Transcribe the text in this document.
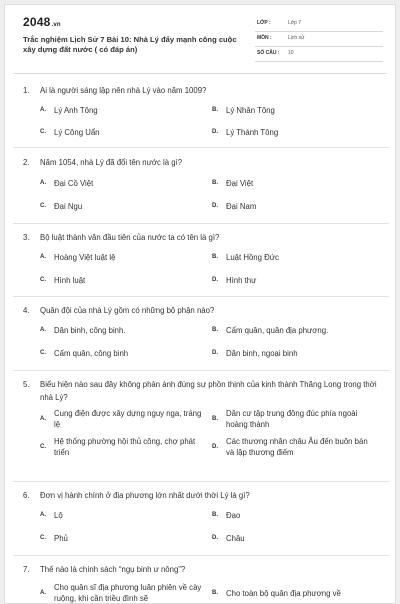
2048.vn
Trắc nghiệm Lịch Sử 7 Bài 10: Nhà Lý đẩy mạnh công cuộc xây dựng đất nước ( có đáp án)
LỚP :	Lớp 7
MÔN :	Lịch sử
SỐ CÂU : 10
1.	Ai là người sáng lập nên nhà Lý vào năm 1009?
A.	Lý Anh Tông	B.	Lý Nhân Tông
C.	Lý Công Uẩn	D.	Lý Thánh Tông
2.	Năm 1054, nhà Lý đã đổi tên nước là gì?
A.	Đại Cồ Việt	B.	Đại Việt
C.	Đại Ngu	D.	Đại Nam
3.	Bộ luật thành văn đầu tiên của nước ta có tên là gì?
A.	Hoàng Việt luật lệ	B.	Luật Hồng Đức
C.	Hình luật	D.	Hình thư
4.	Quân đội của nhà Lý gồm có những bộ phận nào?
A.	Dân binh, công binh.	B.	Cấm quân, quân địa phương.
C.	Cấm quân, công binh	D.	Dân binh, ngoại binh
5.	Biểu hiện nào sau đây không phản ánh đúng sự phồn thịnh của kinh thành Thăng Long trong thời nhà Lý?
A.
Cung điện được xây dựng nguy nga, tráng lệ
B.
Dân cư tập trung đông đúc phía ngoài hoàng thành
C.
Hệ thống phường hội thủ công, chợ phát triển
D.
Các thương nhân châu Âu đến buôn bán và lập thương điếm
6.	Đơn vị hành chính ở địa phương lớn nhất dưới thời Lý là gì?
A.	Lộ	B.	Đạo
C.	Phủ	D.	Châu
7.	Thế nào là chính sách “ngụ binh ư nông”?
A.
Cho quân sĩ địa phương luân phiên về cày ruộng, khi cần triều đình sẽ
B.	Cho toàn bộ quân địa phương về
